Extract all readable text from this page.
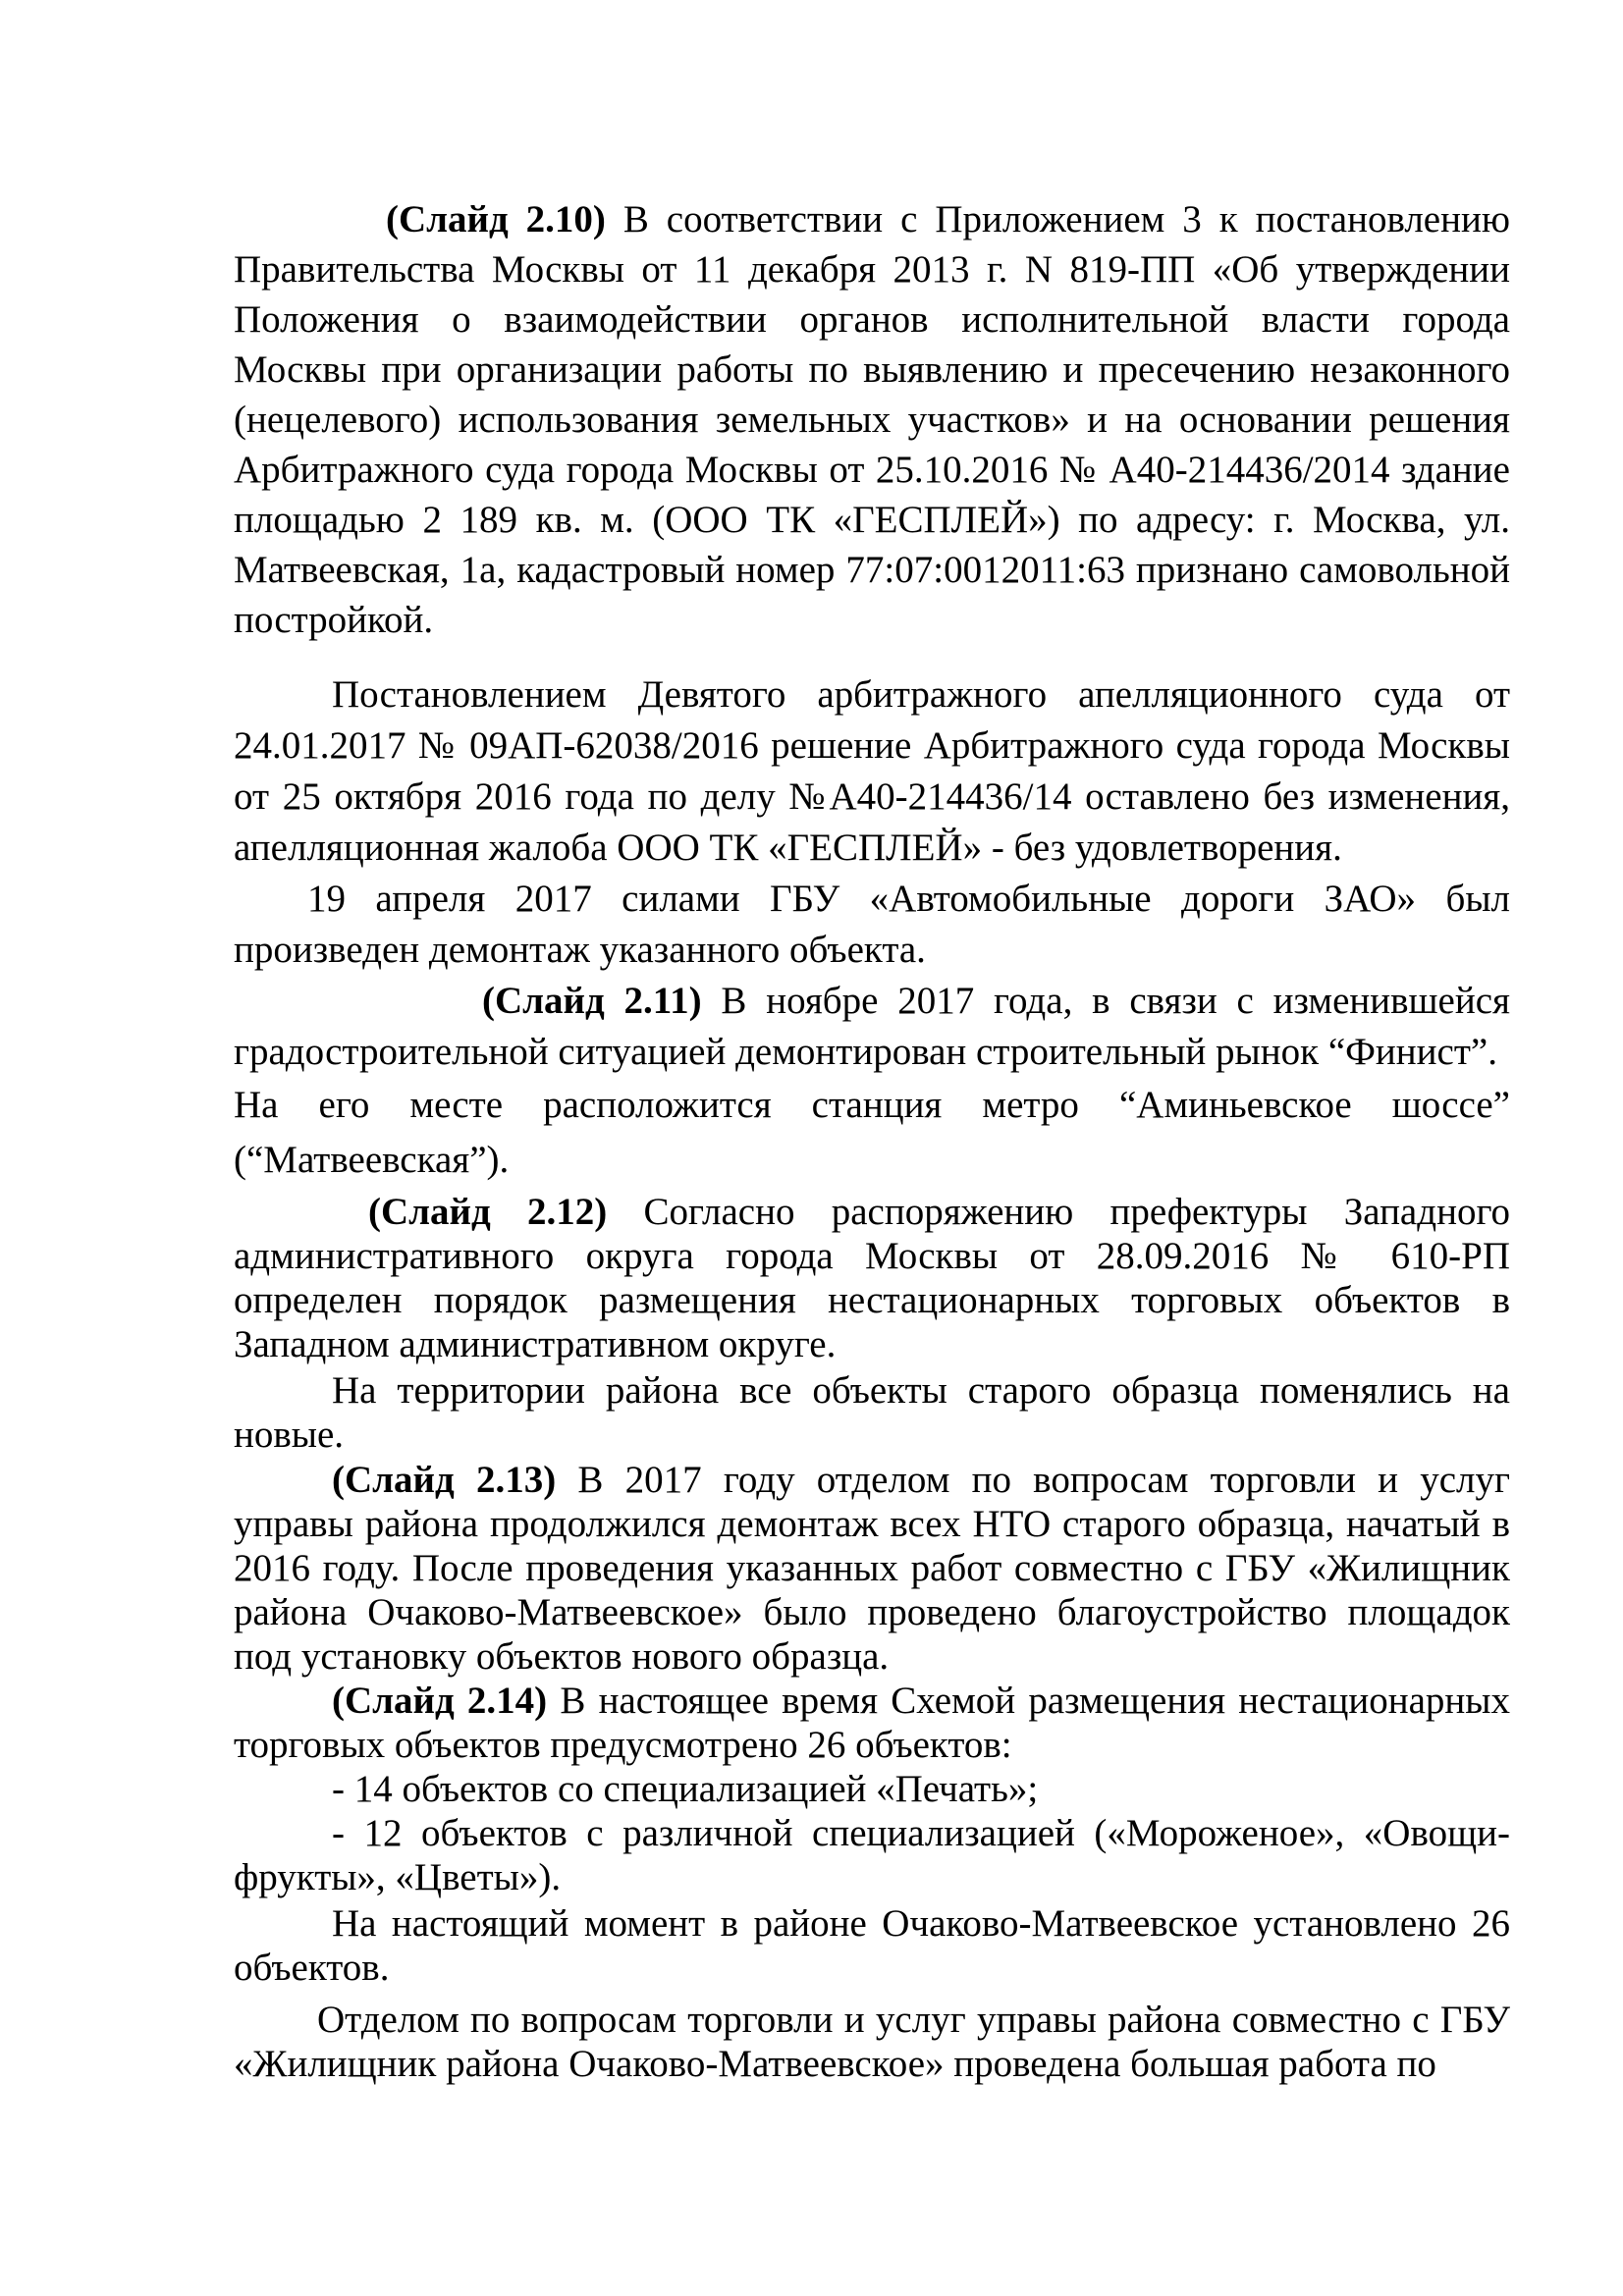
(Слайд 2.10) В соответствии с Приложением 3 к постановлению Правительства Москвы от 11 декабря 2013 г. N 819-ПП «Об утверждении Положения о взаимодействии органов исполнительной власти города Москвы при организации работы по выявлению и пресечению незаконного (нецелевого) использования земельных участков» и на основании решения Арбитражного суда города Москвы от 25.10.2016 № А40-214436/2014 здание площадью 2 189 кв. м. (ООО ТК «ГЕСПЛЕЙ») по адресу: г. Москва, ул. Матвеевская, 1а, кадастровый номер 77:07:0012011:63 признано самовольной постройкой.

Постановлением Девятого арбитражного апелляционного суда от 24.01.2017 № 09АП-62038/2016 решение Арбитражного суда города Москвы от 25 октября 2016 года по делу №А40-214436/14 оставлено без изменения, апелляционная жалоба ООО ТК «ГЕСПЛЕЙ» - без удовлетворения.

19 апреля 2017 силами ГБУ «Автомобильные дороги ЗАО» был произведен демонтаж указанного объекта.

(Слайд 2.11) В ноябре 2017 года, в связи с изменившейся градостроительной ситуацией демонтирован строительный рынок “Финист”.

На его месте расположится станция метро “Аминьевское шоссе” (“Матвеевская”).

(Слайд 2.12) Согласно распоряжению префектуры Западного административного округа города Москвы от 28.09.2016 № 610-РП определен порядок размещения нестационарных торговых объектов в Западном административном округе.

На территории района все объекты старого образца поменялись на новые.

(Слайд 2.13) В 2017 году отделом по вопросам торговли и услуг управы района продолжился демонтаж всех НТО старого образца, начатый в 2016 году. После проведения указанных работ совместно с ГБУ «Жилищник района Очаково-Матвеевское» было проведено благоустройство площадок под установку объектов нового образца.

(Слайд 2.14) В настоящее время Схемой размещения нестационарных торговых объектов предусмотрено 26 объектов:

- 14 объектов со специализацией «Печать»;

- 12 объектов с различной специализацией («Мороженое», «Овощи-фрукты», «Цветы»).

На настоящий момент в районе Очаково-Матвеевское установлено 26 объектов.

Отделом по вопросам торговли и услуг управы района совместно с ГБУ «Жилищник района Очаково-Матвеевское» проведена большая работа по
